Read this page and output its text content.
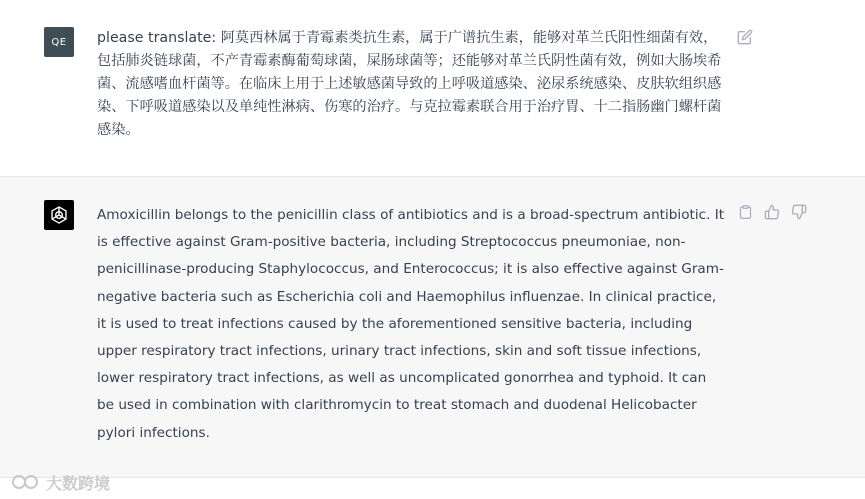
QE please translate: 阿莫西林属于青霉素类抗生素，属于广谱抗生素，能够对革兰氏阳性细菌有效，包括肺炎链球菌，不产青霉素酶葡萄球菌，屎肠球菌等；还能够对革兰氏阴性菌有效，例如大肠埃希菌、流感嗜血杆菌等。在临床上用于上述敏感菌导致的上呼吸道感染、泌尿系统感染、皮肤软组织感染、下呼吸道感染以及单纯性淋病、伤寒的治疗。与克拉霉素联合用于治疗胃、十二指肠幽门螺杆菌感染。

Amoxicillin belongs to the penicillin class of antibiotics and is a broad-spectrum antibiotic. It is effective against Gram-positive bacteria, including Streptococcus pneumoniae, non-penicillinase-producing Staphylococcus, and Enterococcus; it is also effective against Gram-negative bacteria such as Escherichia coli and Haemophilus influenzae. In clinical practice, it is used to treat infections caused by the aforementioned sensitive bacteria, including upper respiratory tract infections, urinary tract infections, skin and soft tissue infections, lower respiratory tract infections, as well as uncomplicated gonorrhea and typhoid. It can be used in combination with clarithromycin to treat stomach and duodenal Helicobacter pylori infections.

大数跨境
